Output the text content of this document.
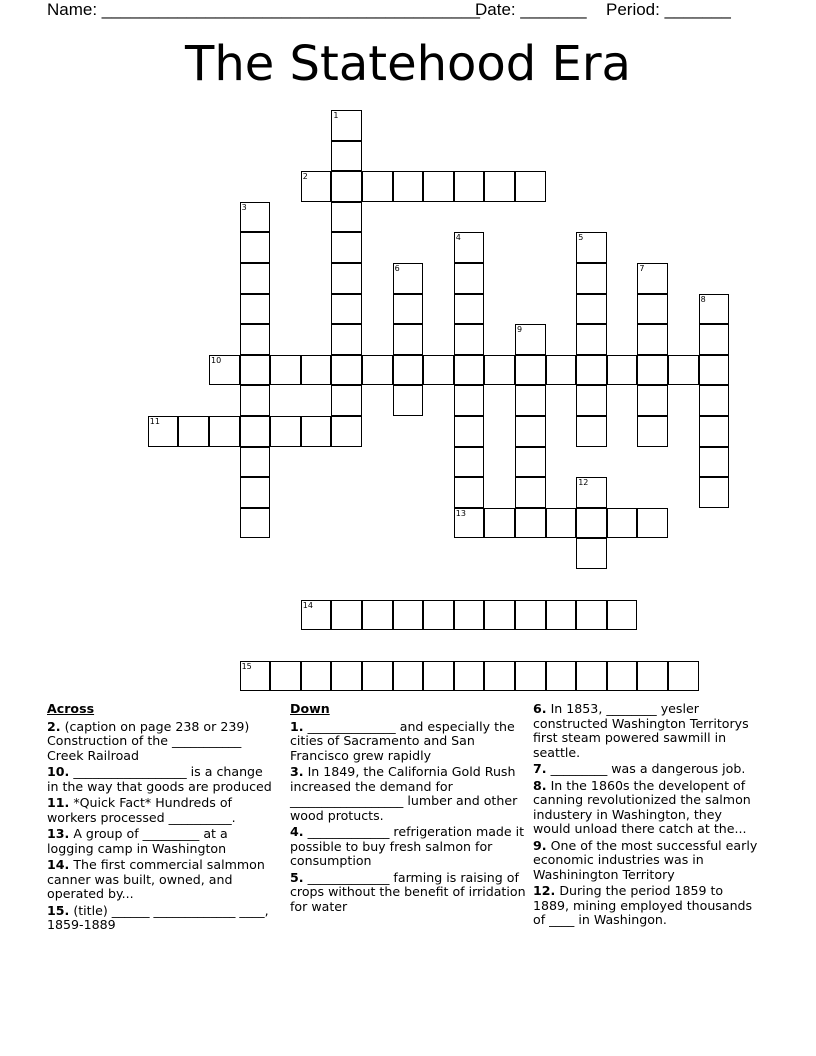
Name: ________________________________________
Date: _______ Period: _______
The Statehood Era
1
2
3
4
13
5
6	7
8
9
10
11
12
14
15
Across
2. (caption on page 238 or 239) Construction of the ___________ Creek Railroad
10. __________________ is a change in the way that goods are produced
11. *Quick Fact* Hundreds of workers processed __________.
13. A group of _________ at a logging camp in Washington
14. The first commercial salmmon canner was built, owned, and operated by...
15. (title) ______ _____________ ____, 1859-1889
Down
1. ______________ and especially the cities of Sacramento and San Francisco grew rapidly
3. In 1849, the California Gold Rush increased the demand for __________________ lumber and other wood protucts.
4. _____________ refrigeration made it possible to buy fresh salmon for consumption
5. _____________ farming is raising of crops without the benefit of irridation for water
6. In 1853, ________ yesler constructed Washington Territorys first steam powered sawmill in seattle.
7. _________ was a dangerous job.
8. In the 1860s the developent of canning revolutionized the salmon industery in Washington, they would unload there catch at the...
9. One of the most successful early economic industries was in Washinington Territory
12. During the period 1859 to 1889, mining employed thousands of ____ in Washingon.
